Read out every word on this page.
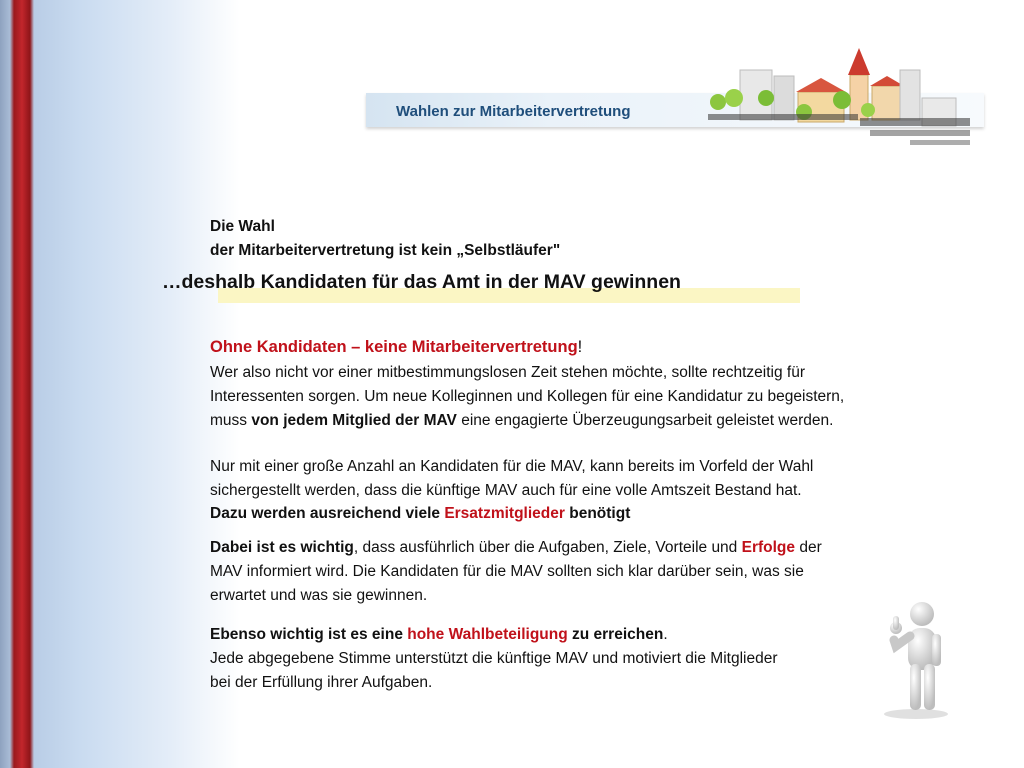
Wahlen zur Mitarbeitervertretung
Die Wahl
der Mitarbeitervertretung ist kein „Selbstläufer"
…deshalb Kandidaten für das Amt in der MAV gewinnen
Ohne Kandidaten – keine Mitarbeitervertretung!
Wer also nicht vor einer mitbestimmungslosen Zeit stehen möchte, sollte rechtzeitig für
Interessenten sorgen. Um neue Kolleginnen und Kollegen für eine Kandidatur zu begeistern,
muss von jedem Mitglied der MAV eine engagierte Überzeugungsarbeit geleistet werden.
Nur mit einer große Anzahl an Kandidaten für die MAV, kann bereits im Vorfeld der Wahl
sichergestellt werden, dass die künftige MAV auch für eine volle Amtszeit Bestand hat.
Dazu werden ausreichend viele Ersatzmitglieder benötigt
Dabei ist es wichtig, dass ausführlich über die Aufgaben, Ziele, Vorteile und Erfolge der
MAV informiert wird. Die Kandidaten für die MAV sollten sich klar darüber sein, was sie
erwartet und was sie gewinnen.
Ebenso wichtig ist es eine hohe Wahlbeteiligung zu erreichen.
Jede abgegebene Stimme unterstützt die künftige MAV und motiviert die Mitglieder
bei der Erfüllung ihrer Aufgaben.
